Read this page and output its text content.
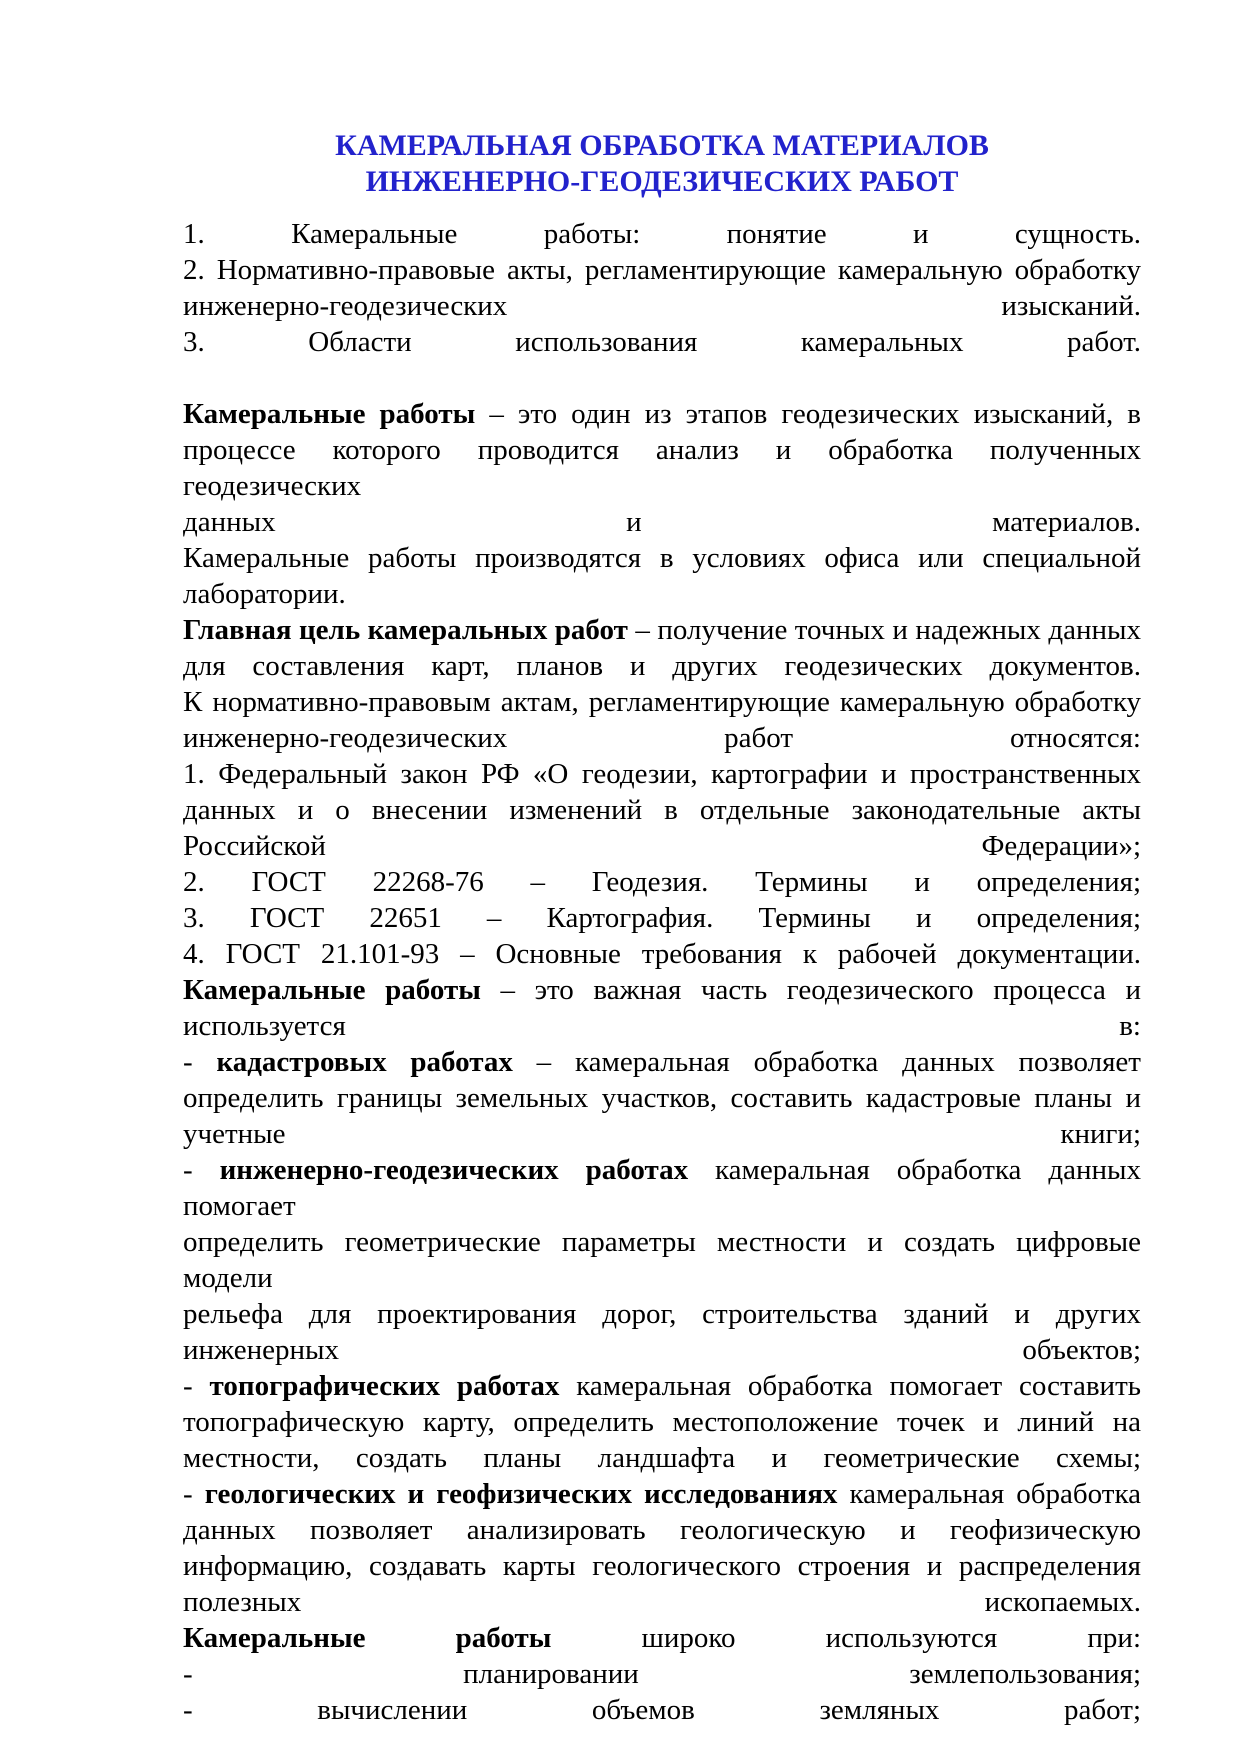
КАМЕРАЛЬНАЯ ОБРАБОТКА МАТЕРИАЛОВ
ИНЖЕНЕРНО-ГЕОДЕЗИЧЕСКИХ РАБОТ
1. Камеральные работы: понятие и сущность.
2. Нормативно-правовые акты, регламентирующие камеральную обработку
инженерно-геодезических изысканий.
3. Области использования камеральных работ.

Камеральные работы – это один из этапов геодезических изысканий, в
процессе которого проводится анализ и обработка полученных геодезических
данных и материалов.
Камеральные работы производятся в условиях офиса или специальной
лаборатории.
Главная цель камеральных работ – получение точных и надежных данных
для составления карт, планов и других геодезических документов.
К нормативно-правовым актам, регламентирующие камеральную обработку
инженерно-геодезических работ относятся:
1. Федеральный закон РФ «О геодезии, картографии и пространственных
данных и о внесении изменений в отдельные законодательные акты
Российской Федерации»;
2. ГОСТ 22268-76 – Геодезия. Термины и определения;
3. ГОСТ 22651 – Картография. Термины и определения;
4. ГОСТ 21.101-93 – Основные требования к рабочей документации.
Камеральные работы – это важная часть геодезического процесса и
используется в:
- кадастровых работах – камеральная обработка данных позволяет
определить границы земельных участков, составить кадастровые планы и
учетные книги;
- инженерно-геодезических работах камеральная обработка данных помогает
определить геометрические параметры местности и создать цифровые модели
рельефа для проектирования дорог, строительства зданий и других
инженерных объектов;
- топографических работах камеральная обработка помогает составить
топографическую карту, определить местоположение точек и линий на
местности, создать планы ландшафта и геометрические схемы;
- геологических и геофизических исследованиях камеральная обработка
данных позволяет анализировать геологическую и геофизическую
информацию, создавать карты геологического строения и распределения
полезных ископаемых.
Камеральные работы широко используются при:
- планировании землепользования;
- вычислении объемов земляных работ;
